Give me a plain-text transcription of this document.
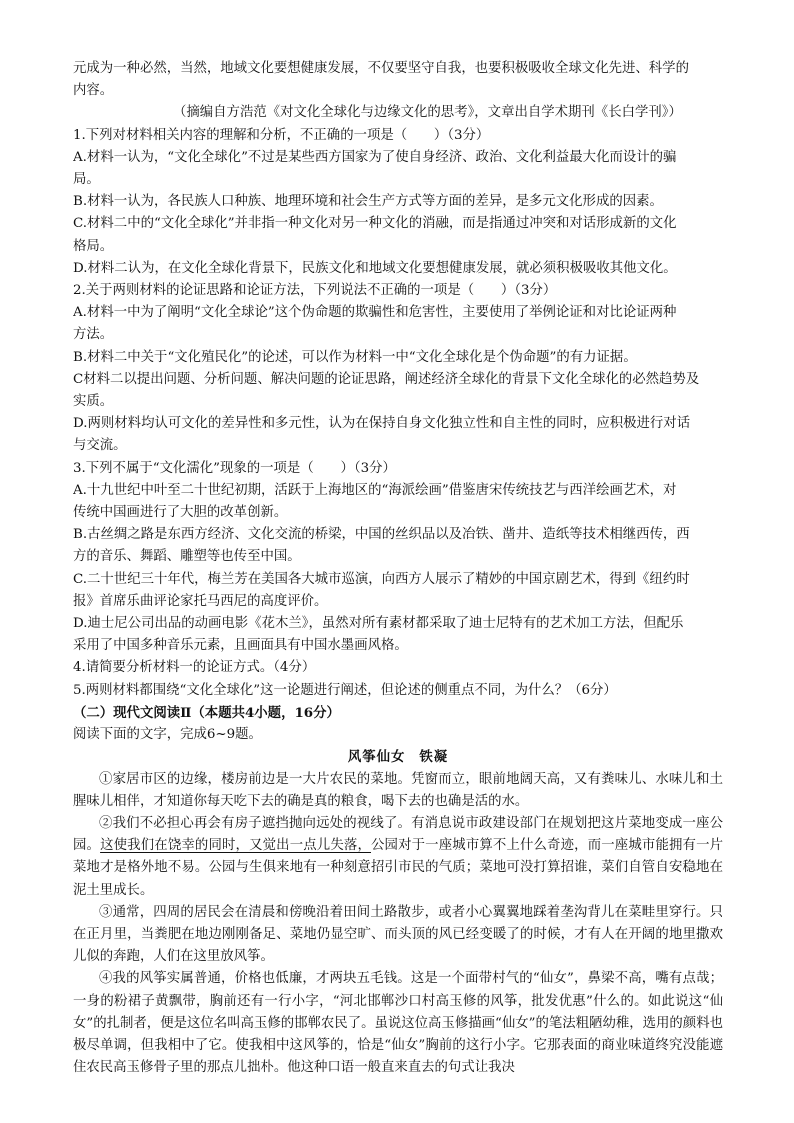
元成为一种必然，当然，地域文化要想健康发展，不仅要坚守自我，也要积极吸收全球文化先进、科学的
内容。
（摘编自方浩范《对文化全球化与边缘文化的思考》，文章出自学术期刊《长白学刊》）
1.下列对材料相关内容的理解和分析，不正确的一项是（　　）（3分）
A.材料一认为，“文化全球化”不过是某些西方国家为了使自身经济、政治、文化利益最大化而设计的骗
局。
B.材料一认为，各民族人口种族、地理环境和社会生产方式等方面的差异，是多元文化形成的因素。
C.材料二中的“文化全球化”并非指一种文化对另一种文化的消融，而是指通过冲突和对话形成新的文化
格局。
D.材料二认为，在文化全球化背景下，民族文化和地域文化要想健康发展，就必须积极吸收其他文化。
2.关于两则材料的论证思路和论证方法，下列说法不正确的一项是（　　）（3分）
A.材料一中为了阐明“文化全球论”这个伪命题的欺骗性和危害性，主要使用了举例论证和对比论证两种
方法。
B.材料二中关于“文化殖民化”的论述，可以作为材料一中“文化全球化是个伪命题”的有力证据。
C材料二以提出问题、分析问题、解决问题的论证思路，阐述经济全球化的背景下文化全球化的必然趋势及
实质。
D.两则材料均认可文化的差异性和多元性，认为在保持自身文化独立性和自主性的同时，应积极进行对话
与交流。
3.下列不属于“文化濡化”现象的一项是（　　）（3分）
A.十九世纪中叶至二十世纪初期，活跃于上海地区的“海派绘画”借鉴唐宋传统技艺与西洋绘画艺术，对
传统中国画进行了大胆的改革创新。
B.古丝绸之路是东西方经济、文化交流的桥梁，中国的丝织品以及冶铁、凿井、造纸等技术相继西传，西
方的音乐、舞蹈、雕塑等也传至中国。
C.二十世纪三十年代，梅兰芳在美国各大城市巡演，向西方人展示了精妙的中国京剧艺术，得到《纽约时
报》首席乐曲评论家托马西尼的高度评价。
D.迪士尼公司出品的动画电影《花木兰》，虽然对所有素材都采取了迪士尼特有的艺术加工方法，但配乐
采用了中国多种音乐元素，且画面具有中国水墨画风格。
4.请简要分析材料一的论证方式。（4分）
5.两则材料都围绕“文化全球化”这一论题进行阐述，但论述的侧重点不同，为什么？（6分）
（二）现代文阅读Ⅱ（本题共4小题，16分）
阅读下面的文字，完成6~9题。
风筝仙女 铁凝

①家居市区的边缘，楼房前边是一大片农民的菜地。凭窗而立，眼前地阔天高，又有粪味儿、水味儿和土腥味儿相伴，才知道你每天吃下去的确是真的粮食，喝下去的也确是活的水。

②我们不必担心再会有房子遮挡抛向远处的视线了。有消息说市政建设部门在规划把这片菜地变成一座公园。这使我们在饶幸的同时，又觉出一点儿失落，公园对于一座城市算不上什么奇迹，而一座城市能拥有一片菜地才是格外地不易。公园与生俱来地有一种刻意招引市民的气质；菜地可没打算招谁，菜们自管自安稳地在泥土里成长。

③通常，四周的居民会在清晨和傍晚沿着田间土路散步，或者小心翼翼地踩着垄沟背儿在菜畦里穿行。只在正月里，当粪肥在地边刚刚备足、菜地仍显空旷、而头顶的风已经变暖了的时候，才有人在开阔的地里撒欢儿似的奔跑，人们在这里放风筝。

④我的风筝实属普通，价格也低廉，才两块五毛钱。这是一个面带村气的“仙女”，鼻梁不高，嘴有点哉；一身的粉裙子黄飘带，胸前还有一行小字，“河北邯郸沙口村高玉修的风筝，批发优惠”什么的。如此说这“仙女”的扎制者，便是这位名叫高玉修的邯郸农民了。虽说这位高玉修描画“仙女”的笔法粗陋幼稚，选用的颜料也极尽单调，但我相中了它。使我相中这风筝的，恰是“仙女”胸前的这行小字。它那表面的商业味道终究没能遮住农民高玉修骨子里的那点儿拙朴。他这种口语一般直来直去的句式让我决
